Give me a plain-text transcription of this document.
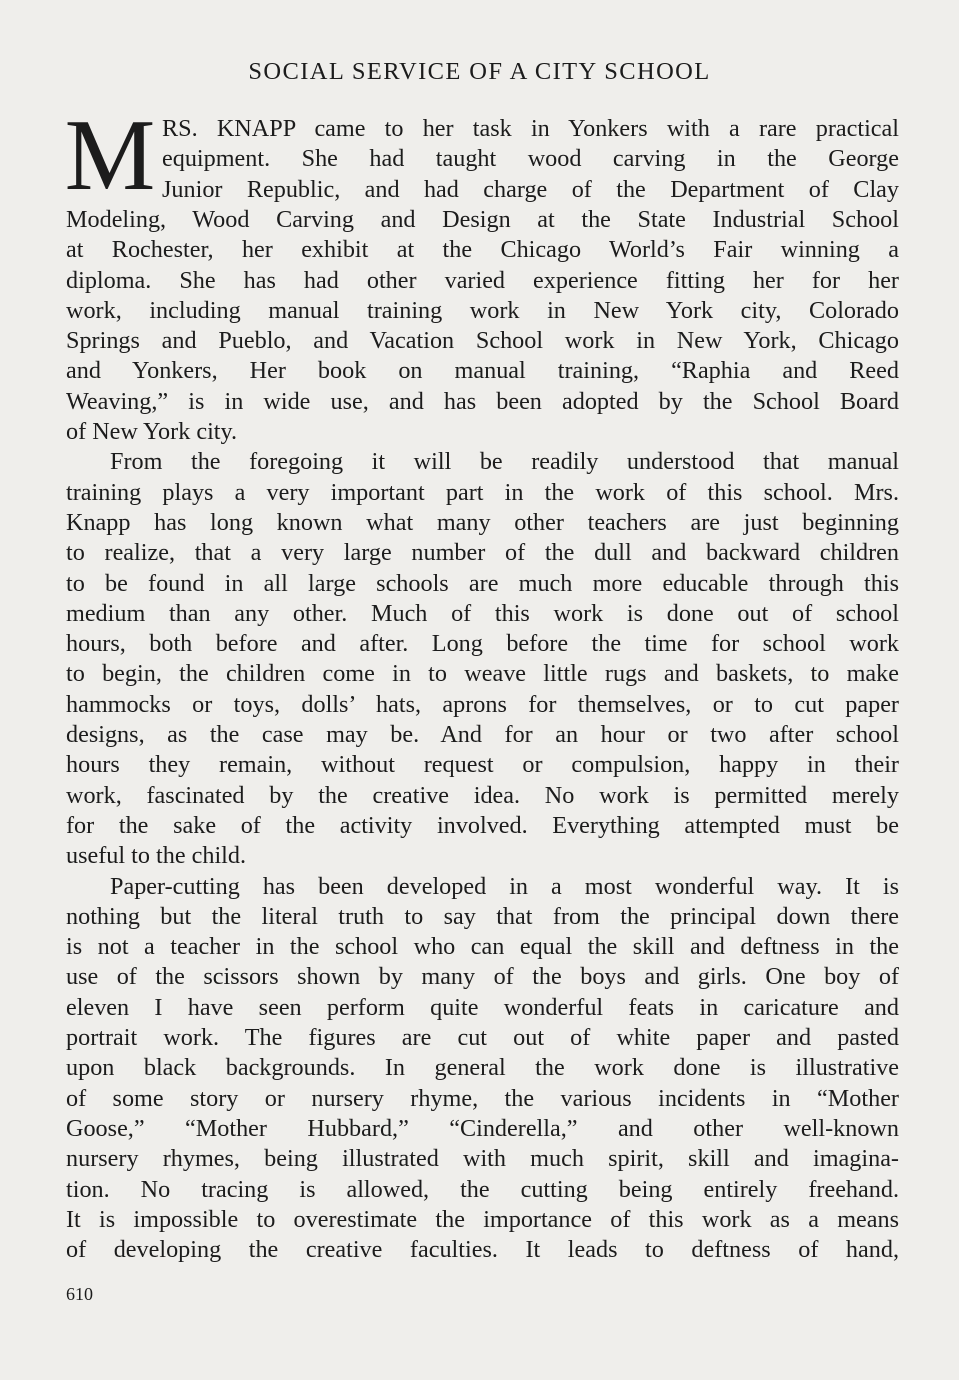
SOCIAL SERVICE OF A CITY SCHOOL
M RS. KNAPP came to her task in Yonkers with a rare practical
equipment. She had taught wood carving in the George
Junior Republic, and had charge of the Department of Clay
Modeling, Wood Carving and Design at the State Industrial School
at Rochester, her exhibit at the Chicago World’s Fair winning a
diploma. She has had other varied experience fitting her for her
work, including manual training work in New York city, Colorado
Springs and Pueblo, and Vacation School work in New York, Chicago
and Yonkers, Her book on manual training, “Raphia and Reed
Weaving,” is in wide use, and has been adopted by the School Board
of New York city.
From the foregoing it will be readily understood that manual
training plays a very important part in the work of this school. Mrs.
Knapp has long known what many other teachers are just beginning
to realize, that a very large number of the dull and backward children
to be found in all large schools are much more educable through this
medium than any other. Much of this work is done out of school
hours, both before and after. Long before the time for school work
to begin, the children come in to weave little rugs and baskets, to make
hammocks or toys, dolls’ hats, aprons for themselves, or to cut paper
designs, as the case may be. And for an hour or two after school
hours they remain, without request or compulsion, happy in their
work, fascinated by the creative idea. No work is permitted merely
for the sake of the activity involved. Everything attempted must be
useful to the child.
Paper-cutting has been developed in a most wonderful way. It is
nothing but the literal truth to say that from the principal down there
is not a teacher in the school who can equal the skill and deftness in the
use of the scissors shown by many of the boys and girls. One boy of
eleven I have seen perform quite wonderful feats in caricature and
portrait work. The figures are cut out of white paper and pasted
upon black backgrounds. In general the work done is illustrative
of some story or nursery rhyme, the various incidents in “Mother
Goose,” “Mother Hubbard,” “Cinderella,” and other well-known
nursery rhymes, being illustrated with much spirit, skill and imagina-
tion. No tracing is allowed, the cutting being entirely freehand.
It is impossible to overestimate the importance of this work as a means
of developing the creative faculties. It leads to deftness of hand,
610
